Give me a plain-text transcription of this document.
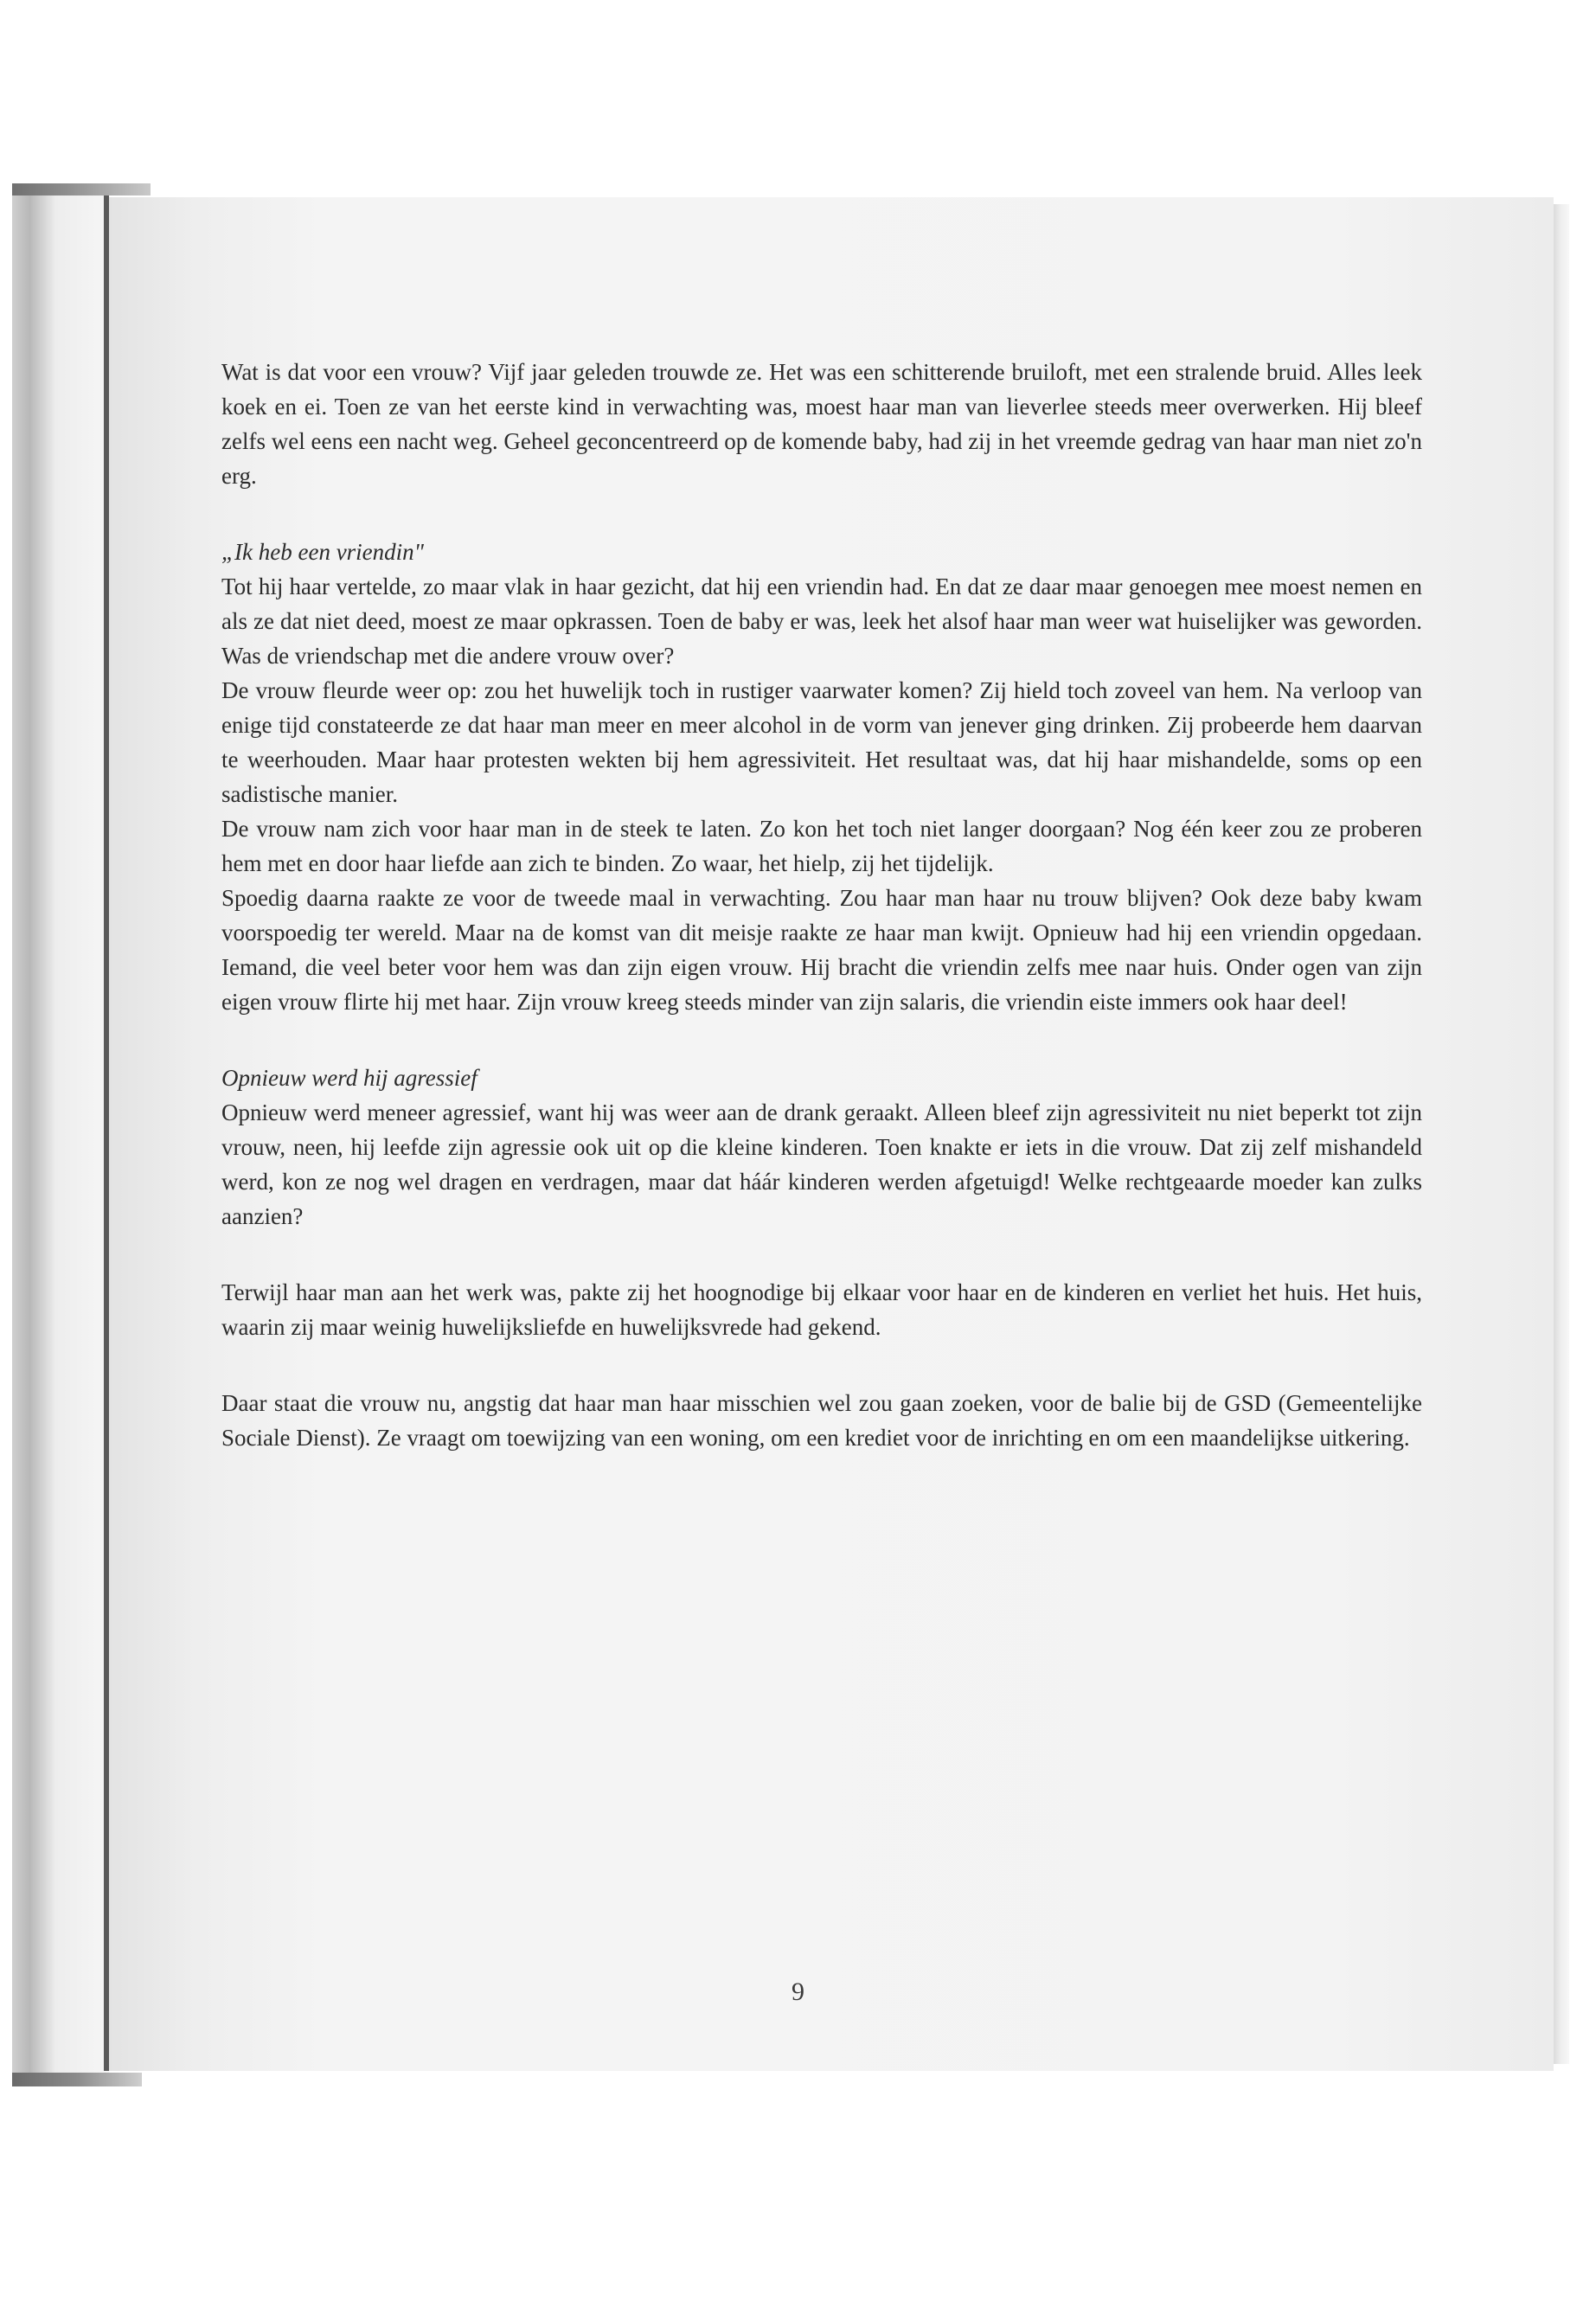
Wat is dat voor een vrouw? Vijf jaar geleden trouwde ze. Het was een schitterende bruiloft, met een stralende bruid. Alles leek koek en ei. Toen ze van het eerste kind in verwachting was, moest haar man van lieverlee steeds meer overwerken. Hij bleef zelfs wel eens een nacht weg. Geheel geconcentreerd op de komende baby, had zij in het vreemde gedrag van haar man niet zo'n erg.

„Ik heb een vriendin"

Tot hij haar vertelde, zo maar vlak in haar gezicht, dat hij een vriendin had. En dat ze daar maar genoegen mee moest nemen en als ze dat niet deed, moest ze maar opkrassen. Toen de baby er was, leek het alsof haar man weer wat huiselijker was geworden. Was de vriendschap met die andere vrouw over?

De vrouw fleurde weer op: zou het huwelijk toch in rustiger vaarwater komen? Zij hield toch zoveel van hem. Na verloop van enige tijd constateerde ze dat haar man meer en meer alcohol in de vorm van jenever ging drinken. Zij probeerde hem daarvan te weerhouden. Maar haar protesten wekten bij hem agressiviteit. Het resultaat was, dat hij haar mishandelde, soms op een sadistische manier.

De vrouw nam zich voor haar man in de steek te laten. Zo kon het toch niet langer doorgaan? Nog één keer zou ze proberen hem met en door haar liefde aan zich te binden. Zo waar, het hielp, zij het tijdelijk.

Spoedig daarna raakte ze voor de tweede maal in verwachting. Zou haar man haar nu trouw blijven? Ook deze baby kwam voorspoedig ter wereld. Maar na de komst van dit meisje raakte ze haar man kwijt. Opnieuw had hij een vriendin opgedaan. Iemand, die veel beter voor hem was dan zijn eigen vrouw. Hij bracht die vriendin zelfs mee naar huis. Onder ogen van zijn eigen vrouw flirte hij met haar. Zijn vrouw kreeg steeds minder van zijn salaris, die vriendin eiste immers ook haar deel!

Opnieuw werd hij agressief

Opnieuw werd meneer agressief, want hij was weer aan de drank geraakt. Alleen bleef zijn agressiviteit nu niet beperkt tot zijn vrouw, neen, hij leefde zijn agressie ook uit op die kleine kinderen. Toen knakte er iets in die vrouw. Dat zij zelf mishandeld werd, kon ze nog wel dragen en verdragen, maar dat háár kinderen werden afgetuigd! Welke rechtgeaarde moeder kan zulks aanzien?

Terwijl haar man aan het werk was, pakte zij het hoognodige bij elkaar voor haar en de kinderen en verliet het huis. Het huis, waarin zij maar weinig huwelijksliefde en huwelijksvrede had gekend.

Daar staat die vrouw nu, angstig dat haar man haar misschien wel zou gaan zoeken, voor de balie bij de GSD (Gemeentelijke Sociale Dienst). Ze vraagt om toewijzing van een woning, om een krediet voor de inrichting en om een maandelijkse uitkering.

9
